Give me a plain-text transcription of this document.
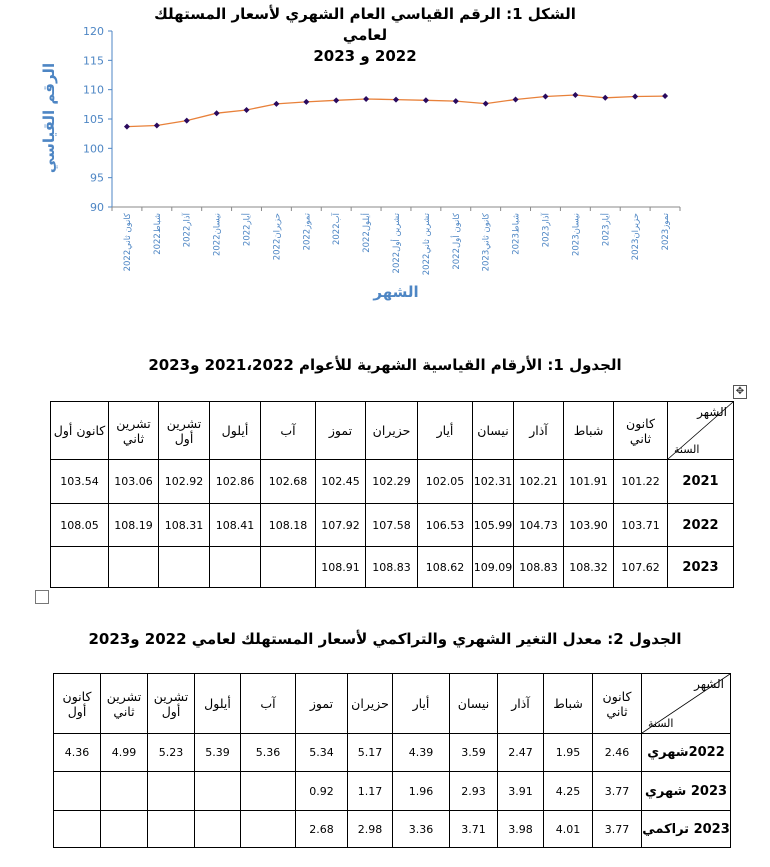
الشكل 1: الرقم القياسي العام الشهري لأسعار المستهلك لعامي
2022 و 2023
90
95
100
105
110
115
120
كانون ثاني2022 شباط2022
آذار2022
نيسان2022
أيار2022
حزيران2022
تموز2022
آب2022
أيلول2022
تشرين أول2022
تشرين ثاني2022
كانون أول2022
كانون ثاني2023 شباط2023
آذار2023
نيسان2023
أيار2023
حزيران2023
تموز2023
الشهر
الرقم القياسي
الجدول 1: الأرقام القياسية الشهرية للأعوام 2021،2022 و2023
✥
الشهر
السنة	كانون ثاني	شباط	آذار	نيسان	أيار	حزيران	تموز	آب	أيلول	تشرين أول	تشرين ثاني	كانون أول
2021	101.22	101.91	102.21	102.31	102.05	102.29	102.45	102.68	102.86	102.92	103.06	103.54
2022	103.71	103.90	104.73	105.99	106.53	107.58	107.92	108.18	108.41	108.31	108.19	108.05
2023	107.62	108.32	108.83	109.09	108.62	108.83	108.91					
الجدول 2: معدل التغير الشهري والتراكمي لأسعار المستهلك لعامي 2022 و2023
الشهر
السنة	كانون ثاني	شباط	آذار	نيسان	أيار	حزيران	تموز	آب	أيلول	تشرين أول	تشرين ثاني	كانون أول
2022شهري	2.46	1.95	2.47	3.59	4.39	5.17	5.34	5.36	5.39	5.23	4.99	4.36
2023 شهري	3.77	4.25	3.91	2.93	1.96	1.17	0.92					
2023 تراكمي	3.77	4.01	3.98	3.71	3.36	2.98	2.68					
